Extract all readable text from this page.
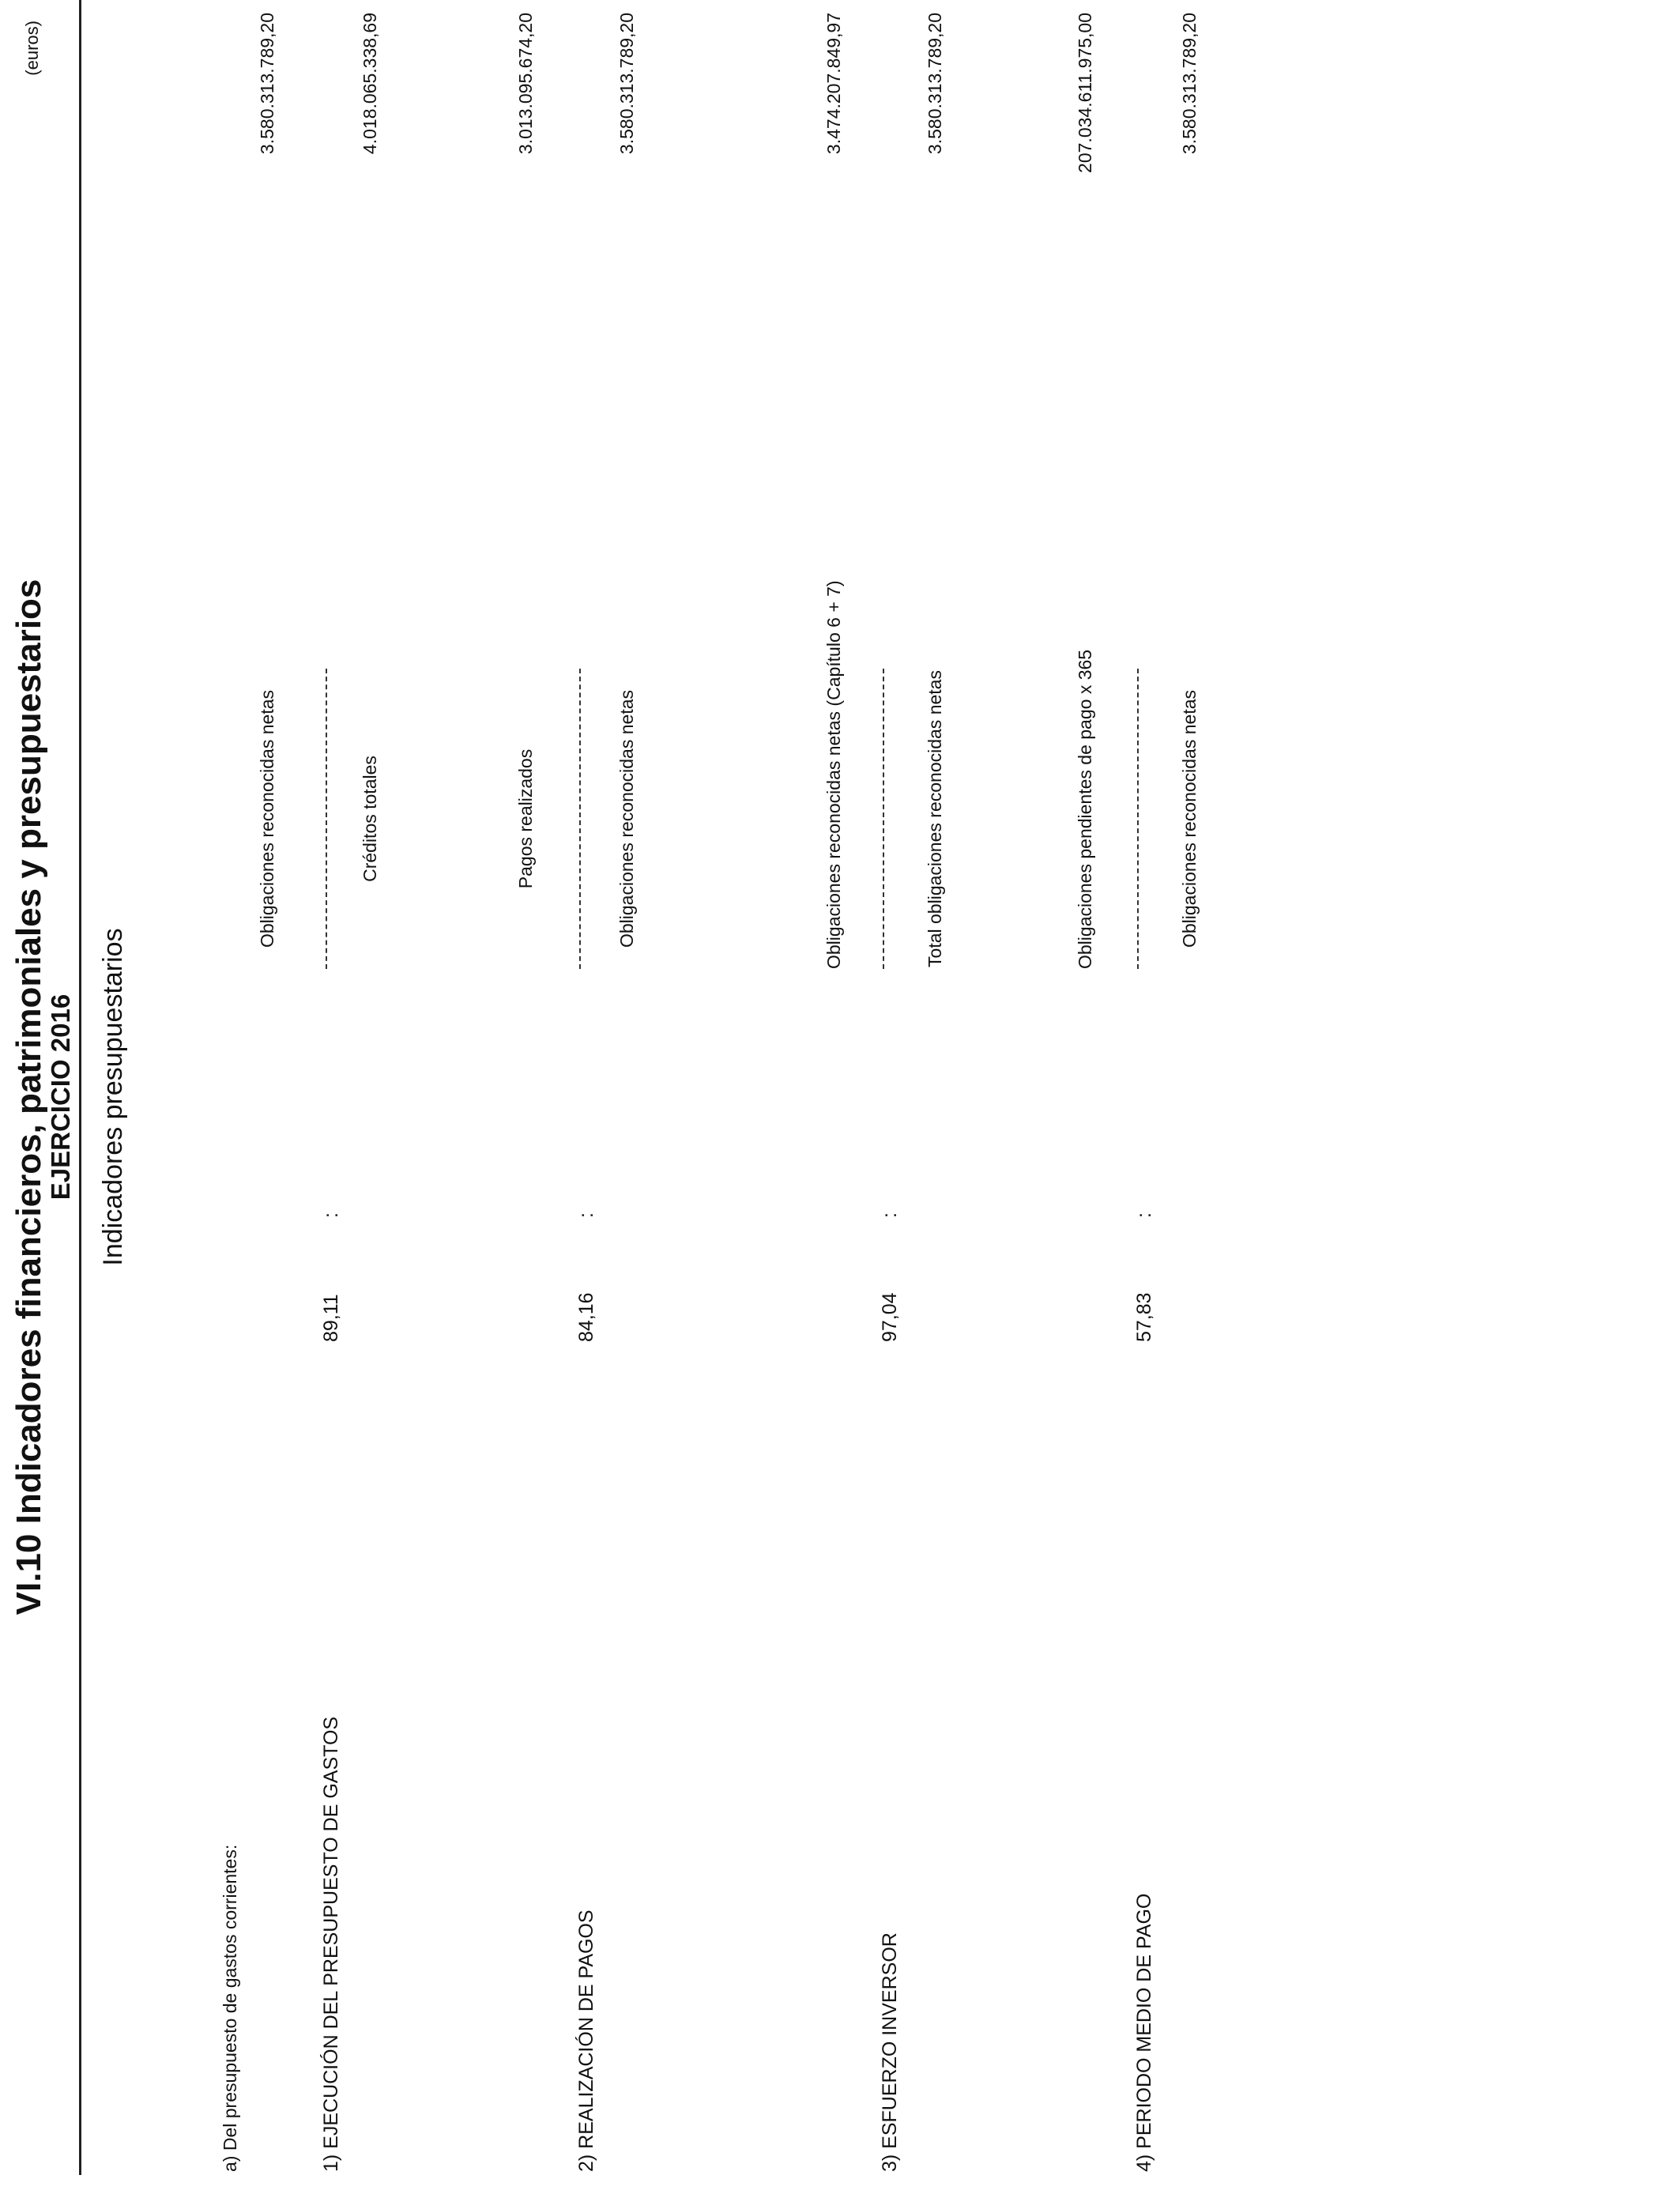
VI.10 Indicadores financieros, patrimoniales y presupuestarios
EJERCICIO 2016 Indicadores presupuestarios
(euros)
a) Del presupuesto de gastos corrientes:	1) EJECUCIÓN DEL PRESUPUESTO DE GASTOS
89,11
:
Obligaciones reconocidas netas	Créditos totales
3.580.313.789,20	4.018.065.338,69
2) REALIZACIÓN DE PAGOS
84,16
:
Pagos realizados	Obligaciones reconocidas netas
3.013.095.674,20	3.580.313.789,20
3) ESFUERZO INVERSOR
97,04
:
Obligaciones reconocidas netas (Capítulo 6 + 7)	Total obligaciones reconocidas netas
3.474.207.849,97	3.580.313.789,20
4) PERIODO MEDIO DE PAGO
57,83
:
Obligaciones pendientes de pago x 365	Obligaciones reconocidas netas
207.034.611.975,00	3.580.313.789,20
